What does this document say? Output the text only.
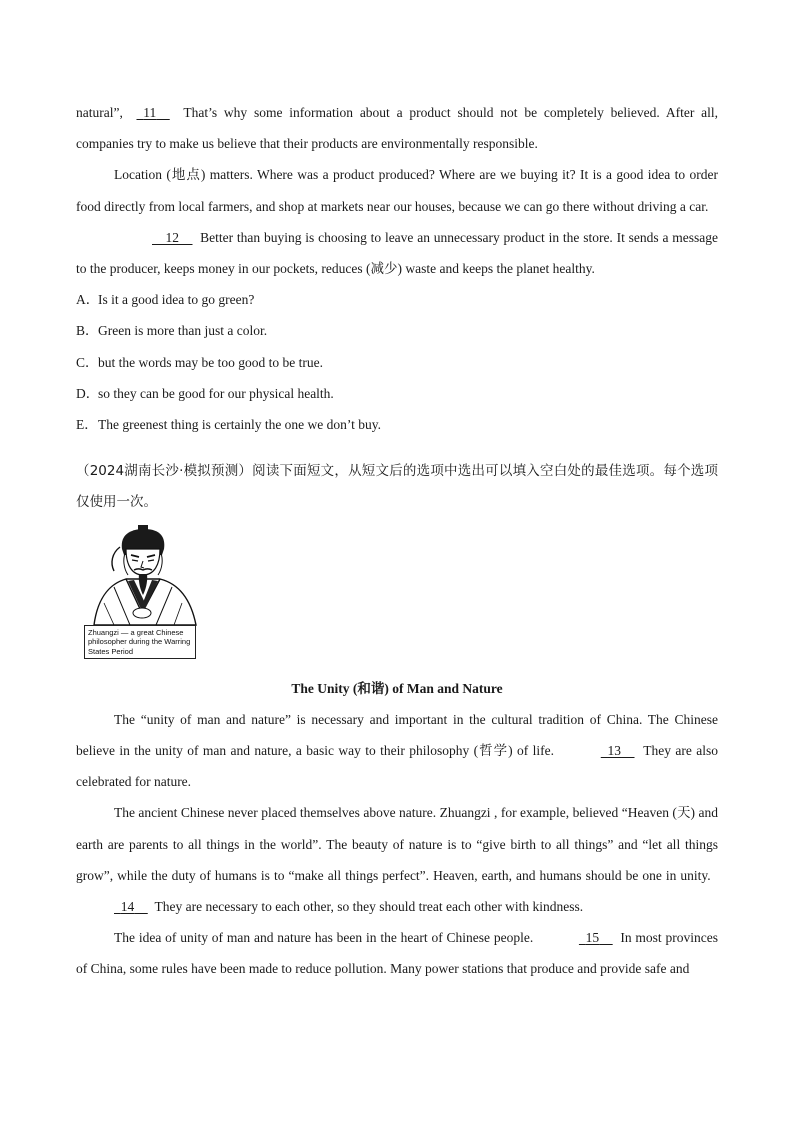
natural”, 11 That’s why some information about a product should not be completely believed. After all, companies try to make us believe that their products are environmentally responsible.

Location (地点) matters. Where was a product produced? Where are we buying it? It is a good idea to order food directly from local farmers, and shop at markets near our houses, because we can go there without driving a car.

12 Better than buying is choosing to leave an unnecessary product in the store. It sends a message to the producer, keeps money in our pockets, reduces (减少) waste and keeps the planet healthy.

A．Is it a good idea to go green?

B．Green is more than just a color.

C．but the words may be too good to be true.

D．so they can be good for our physical health.

E．The greenest thing is certainly the one we don’t buy.

（2024湖南长沙·模拟预测）阅读下面短文，从短文后的选项中选出可以填入空白处的最佳选项。每个选项仅使用一次。

Zhuangzi — a great Chinese philosopher during the Warring States Period

The Unity (和谐) of Man and Nature

The “unity of man and nature” is necessary and important in the cultural tradition of China. The Chinese believe in the unity of man and nature, a basic way to their philosophy (哲学) of life.	13 They are also celebrated for nature.

The ancient Chinese never placed themselves above nature. Zhuangzi , for example, believed “Heaven (天) and earth are parents to all things in the world”. The beauty of nature is to “give birth to all things” and “let all things grow”, while the duty of humans is to “make all things perfect”. Heaven, earth, and humans should be one in unity.    14 They are necessary to each other, so they should treat each other with kindness.

The idea of unity of man and nature has been in the heart of Chinese people.	15 In most provinces of China, some rules have been made to reduce pollution. Many power stations that produce and provide safe and
